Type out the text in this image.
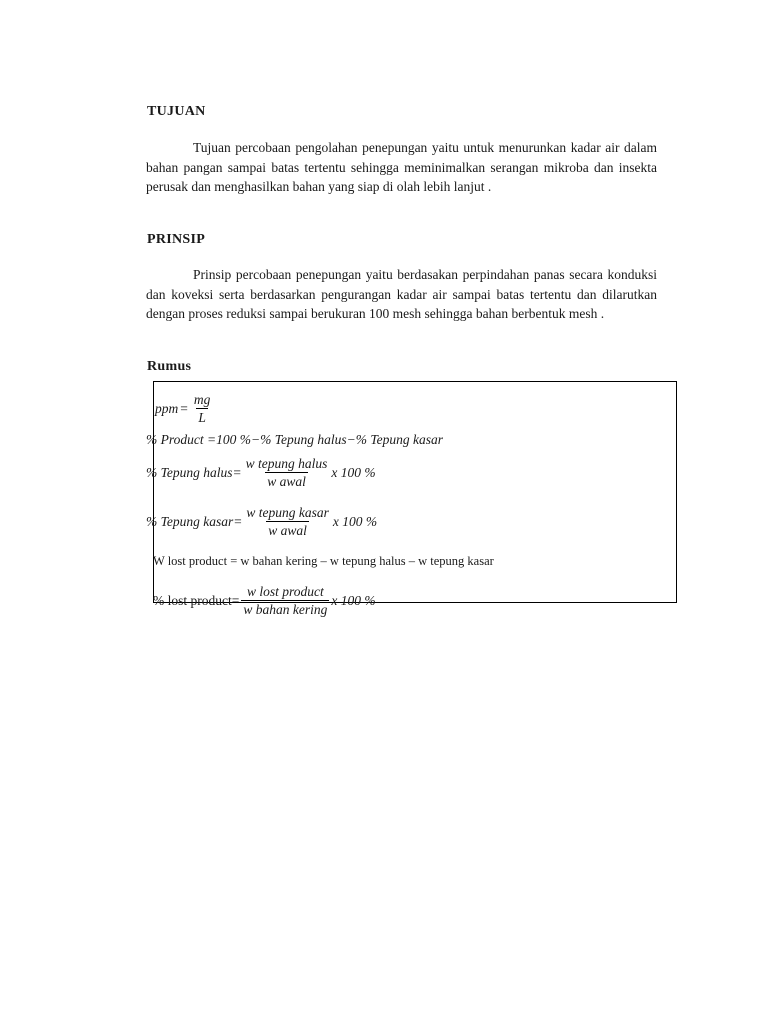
TUJUAN

Tujuan percobaan pengolahan penepungan yaitu untuk menurunkan kadar air dalam bahan pangan sampai batas tertentu sehingga meminimalkan serangan mikroba dan insekta perusak dan menghasilkan bahan yang siap di olah lebih lanjut .

PRINSIP

Prinsip percobaan penepungan yaitu berdasakan perpindahan panas secara konduksi dan koveksi serta berdasarkan pengurangan kadar air sampai batas tertentu dan dilarutkan dengan proses reduksi sampai berukuran 100 mesh sehingga bahan berbentuk mesh .

Rumus
ppm = $\frac{mg}{L}$
% Product =100 %−% Tepung halus−% Tepung kasar
% Tepung halus= $\frac{\text{w tepung halus}}{\text{w awal}}$ x 100 %
% Tepung kasar= $\frac{\text{w tepung kasar}}{\text{w awal}}$ x 100 %
W lost product = w bahan kering – w tepung halus – w tepung kasar
% lost product= $\frac{\text{w lost product}}{\text{w bahan kering}}$ x 100 %
